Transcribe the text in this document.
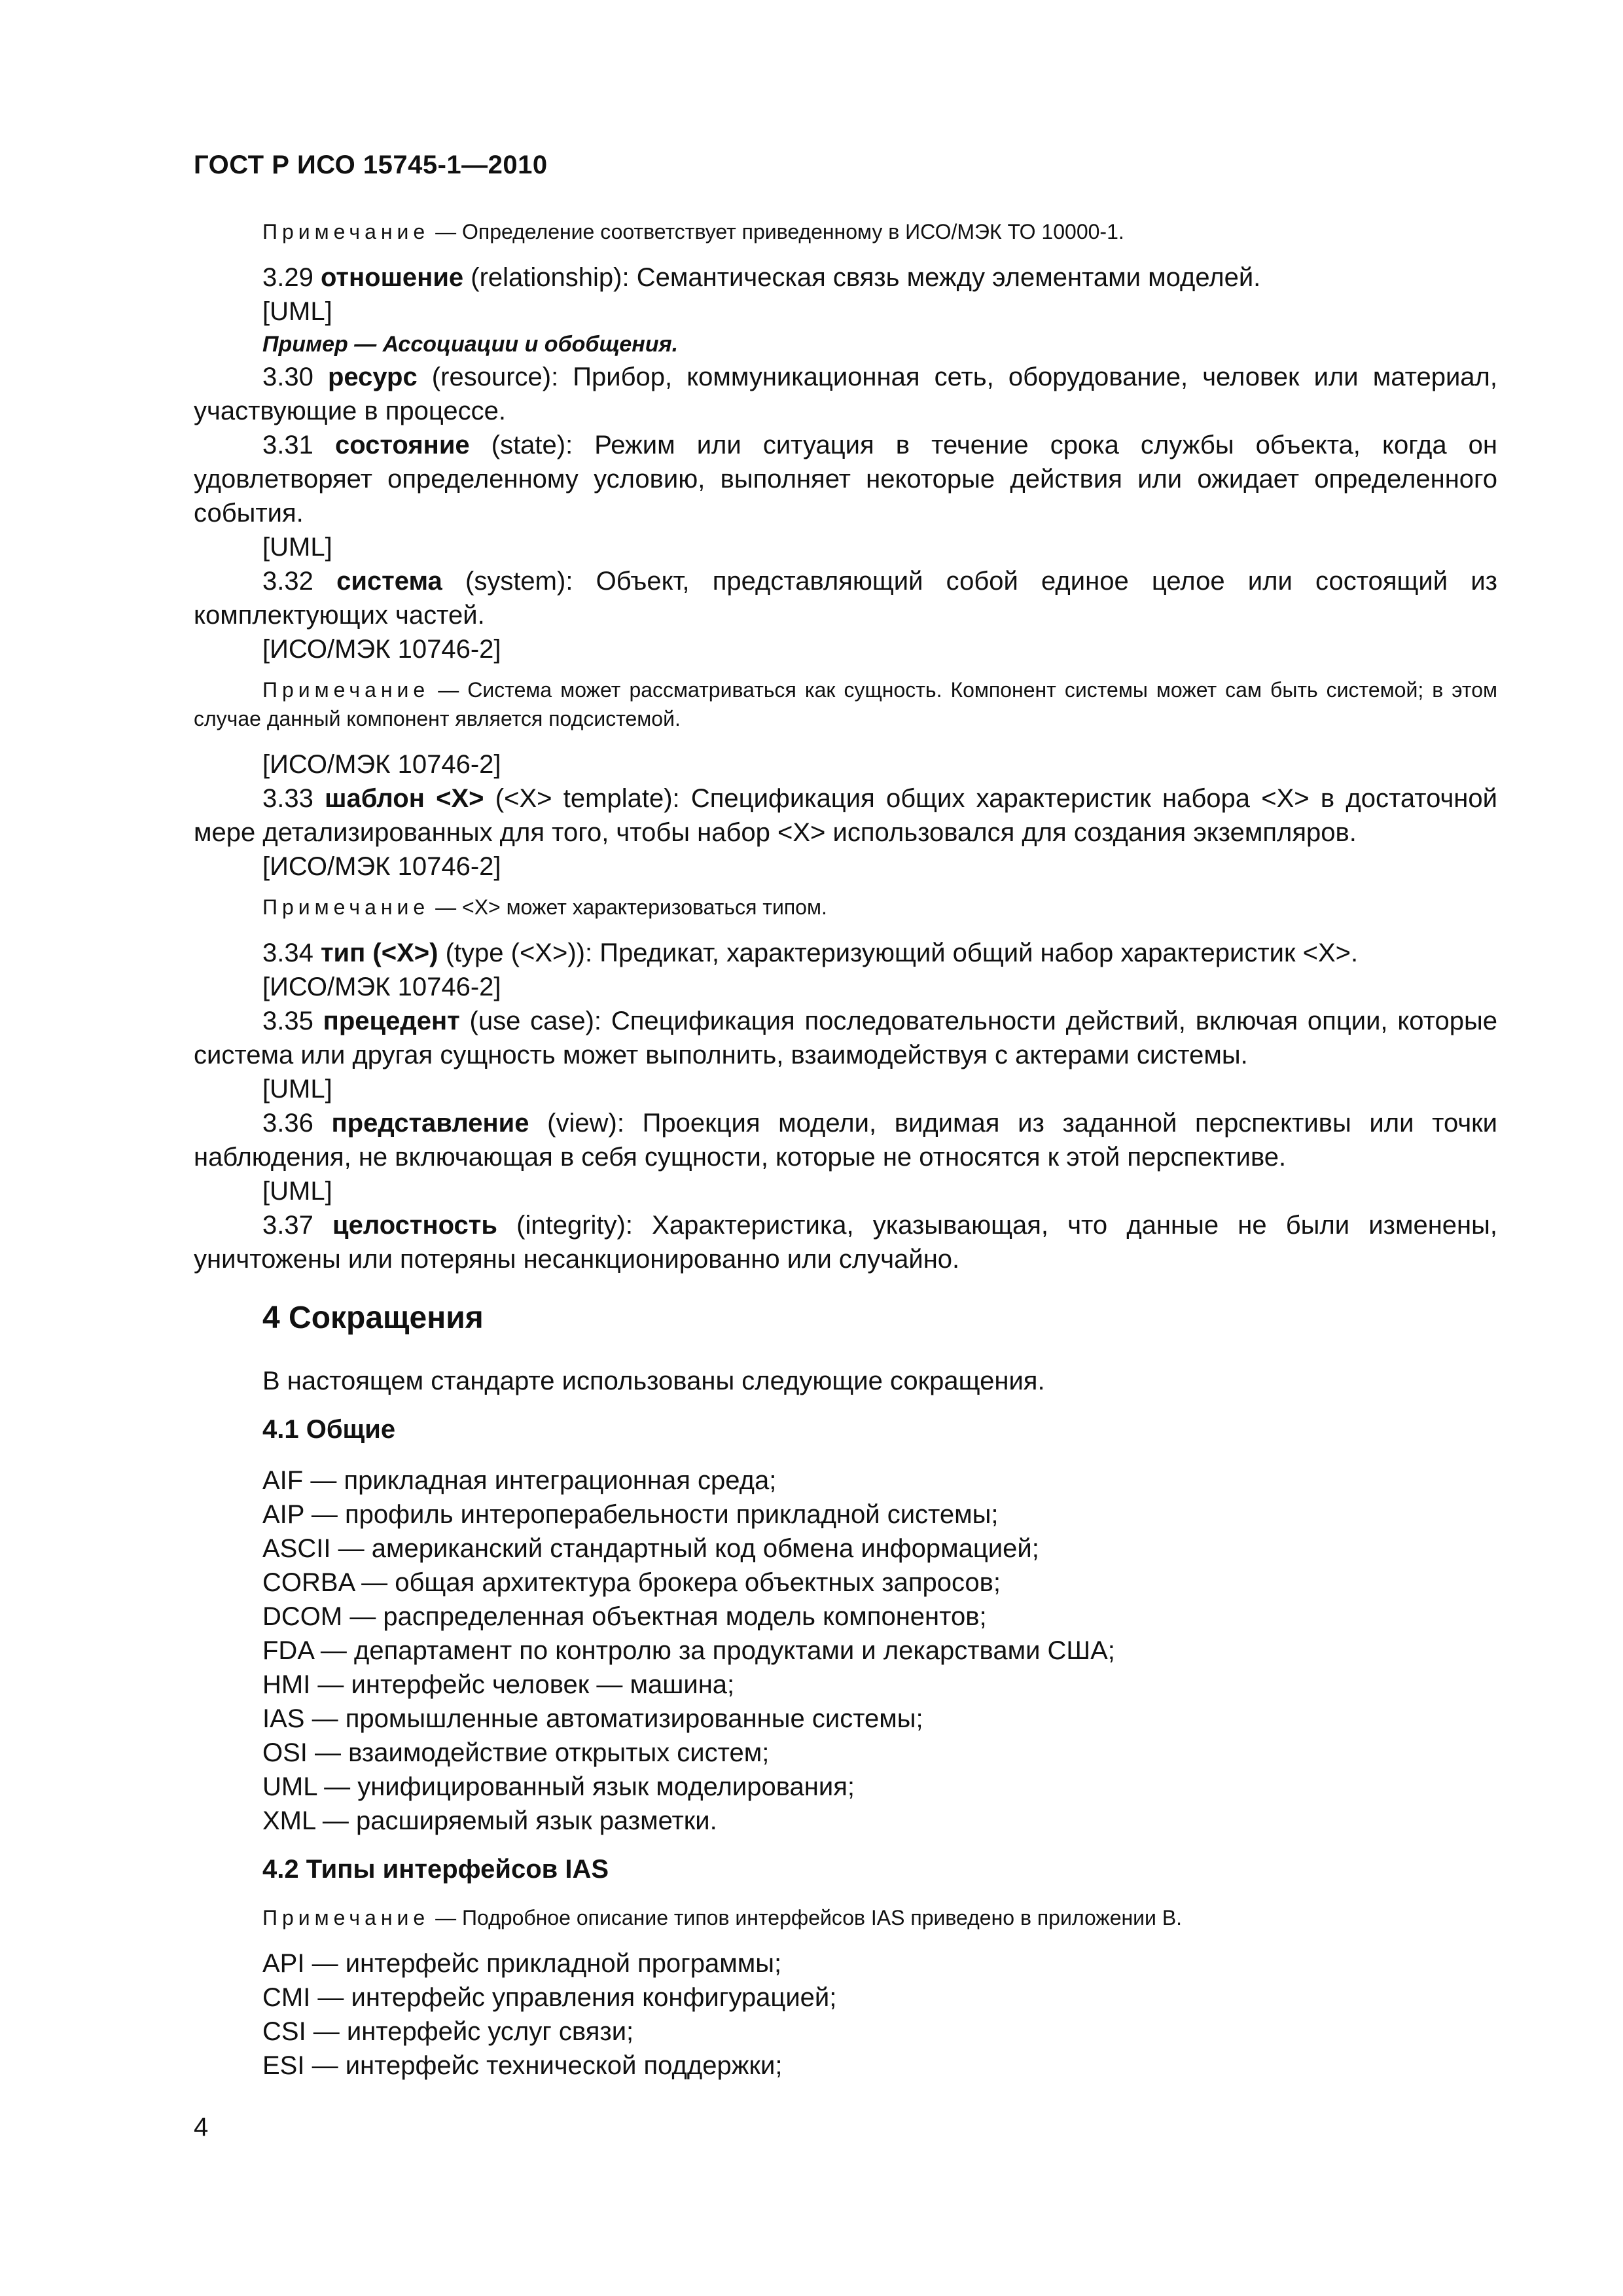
ГОСТ Р ИСО 15745-1—2010

Примечание — Определение соответствует приведенному в ИСО/МЭК ТО 10000-1.

3.29 отношение (relationship): Семантическая связь между элементами моделей.

[UML]

Пример — Ассоциации и обобщения.

3.30 ресурс (resource): Прибор, коммуникационная сеть, оборудование, человек или материал, участвующие в процессе.

3.31 состояние (state): Режим или ситуация в течение срока службы объекта, когда он удовлетворяет определенному условию, выполняет некоторые действия или ожидает определенного события.

[UML]

3.32 система (system): Объект, представляющий собой единое целое или состоящий из комплектующих частей.

[ИСО/МЭК 10746-2]

Примечание — Система может рассматриваться как сущность. Компонент системы может сам быть системой; в этом случае данный компонент является подсистемой.

[ИСО/МЭК 10746-2]

3.33 шаблон <X> (<X> template): Спецификация общих характеристик набора <X> в достаточной мере детализированных для того, чтобы набор <X> использовался для создания экземпляров.

[ИСО/МЭК 10746-2]

Примечание — <X> может характеризоваться типом.

3.34 тип (<X>) (type (<X>)): Предикат, характеризующий общий набор характеристик <X>.

[ИСО/МЭК 10746-2]

3.35 прецедент (use case): Спецификация последовательности действий, включая опции, которые система или другая сущность может выполнить, взаимодействуя с актерами системы.

[UML]

3.36 представление (view): Проекция модели, видимая из заданной перспективы или точки наблюдения, не включающая в себя сущности, которые не относятся к этой перспективе.

[UML]

3.37 целостность (integrity): Характеристика, указывающая, что данные не были изменены, уничтожены или потеряны несанкционированно или случайно.

4 Сокращения

В настоящем стандарте использованы следующие сокращения.

4.1 Общие

AIF — прикладная интеграционная среда;

AIP — профиль интероперабельности прикладной системы;

ASCII — американский стандартный код обмена информацией;

CORBA — общая архитектура брокера объектных запросов;

DCOM — распределенная объектная модель компонентов;

FDA — департамент по контролю за продуктами и лекарствами США;

HMI — интерфейс человек — машина;

IAS — промышленные автоматизированные системы;

OSI — взаимодействие открытых систем;

UML — унифицированный язык моделирования;

XML — расширяемый язык разметки.

4.2 Типы интерфейсов IAS

Примечание — Подробное описание типов интерфейсов IAS приведено в приложении В.

API — интерфейс прикладной программы;

CMI — интерфейс управления конфигурацией;

CSI — интерфейс услуг связи;

ESI — интерфейс технической поддержки;

4
